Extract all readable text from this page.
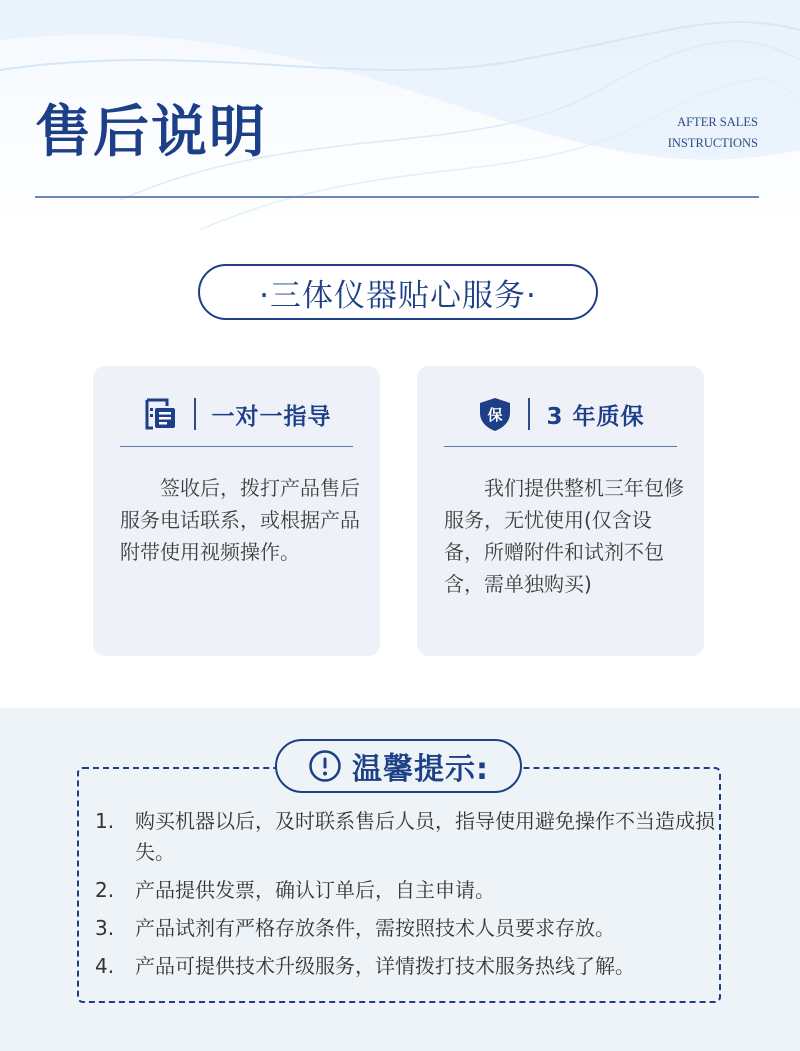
售后说明	AFTER SALES
INSTRUCTIONS
·三体仪器贴心服务·
一对一指导
签收后，拨打产品售后服务电话联系，或根据产品附带使用视频操作。
保 3 年质保
我们提供整机三年包修服务，无忧使用(仅含设备，所赠附件和试剂不包含，需单独购买)
温馨提示:
1.	购买机器以后，及时联系售后人员，指导使用避免操作不当造成损失。
2.	产品提供发票，确认订单后，自主申请。
3.	产品试剂有严格存放条件，需按照技术人员要求存放。
4.	产品可提供技术升级服务，详情拨打技术服务热线了解。
